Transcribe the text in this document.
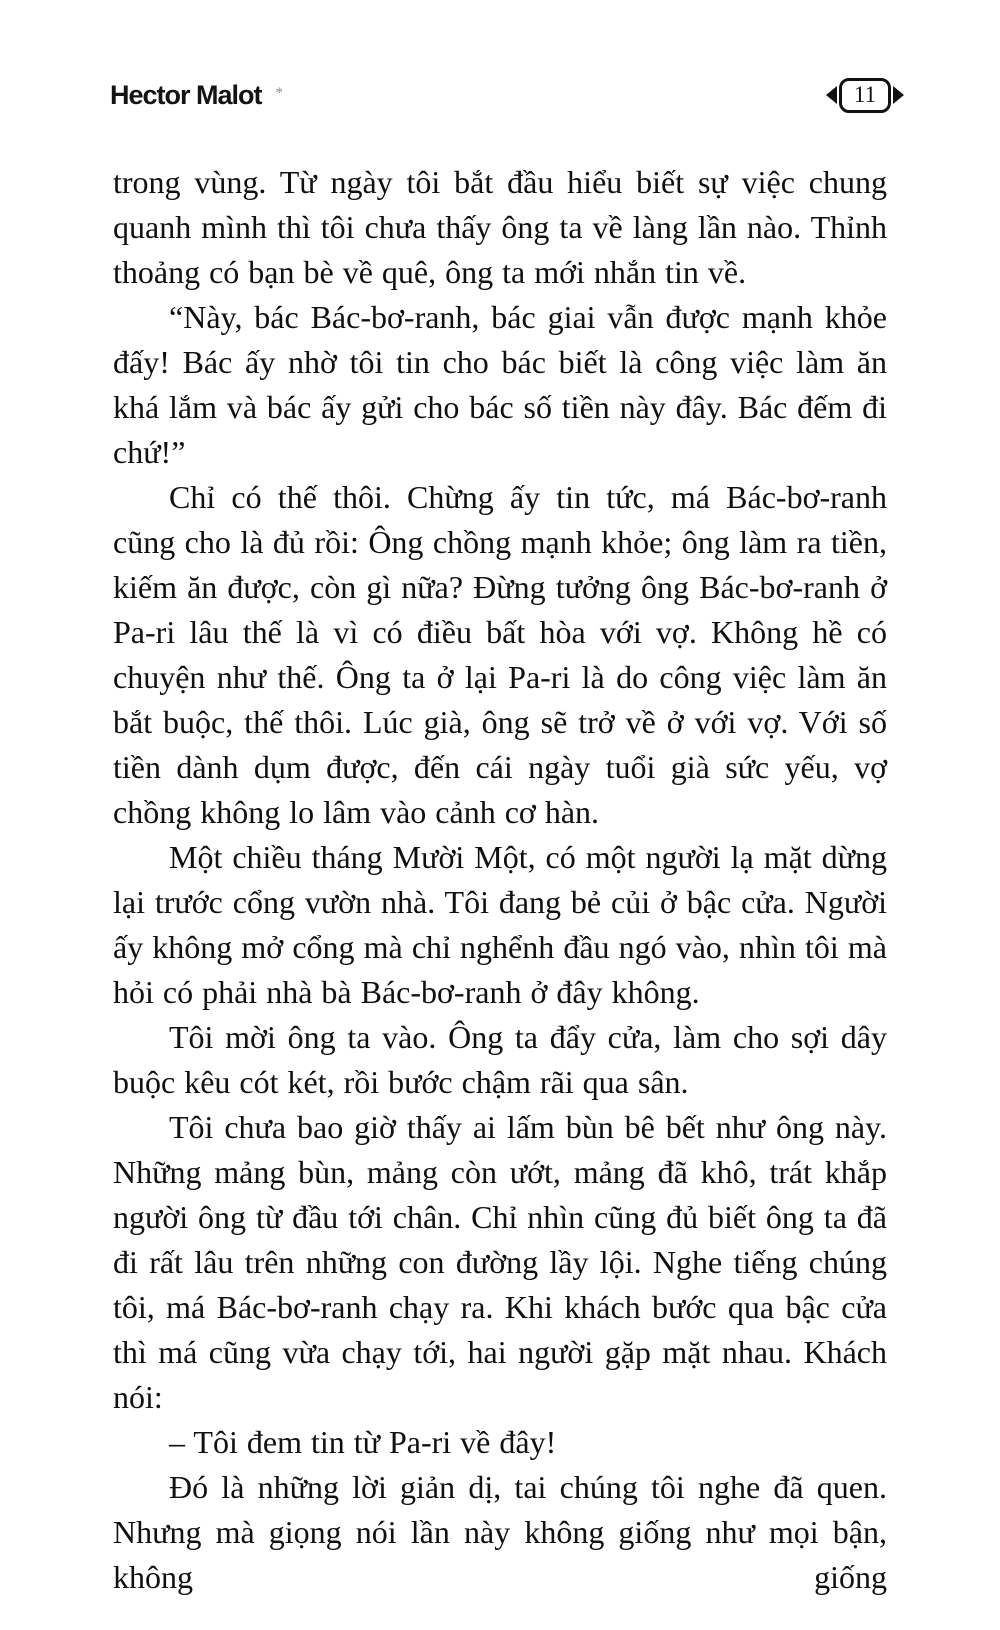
Hector Malot *	11

trong vùng. Từ ngày tôi bắt đầu hiểu biết sự việc chung quanh mình thì tôi chưa thấy ông ta về làng lần nào. Thỉnh thoảng có bạn bè về quê, ông ta mới nhắn tin về.

“Này, bác Bác-bơ-ranh, bác giai vẫn được mạnh khỏe đấy! Bác ấy nhờ tôi tin cho bác biết là công việc làm ăn khá lắm và bác ấy gửi cho bác số tiền này đây. Bác đếm đi chứ!”

Chỉ có thế thôi. Chừng ấy tin tức, má Bác-bơ-ranh cũng cho là đủ rồi: Ông chồng mạnh khỏe; ông làm ra tiền, kiếm ăn được, còn gì nữa? Đừng tưởng ông Bác-bơ-ranh ở Pa-ri lâu thế là vì có điều bất hòa với vợ. Không hề có chuyện như thế. Ông ta ở lại Pa-ri là do công việc làm ăn bắt buộc, thế thôi. Lúc già, ông sẽ trở về ở với vợ. Với số tiền dành dụm được, đến cái ngày tuổi già sức yếu, vợ chồng không lo lâm vào cảnh cơ hàn.

Một chiều tháng Mười Một, có một người lạ mặt dừng lại trước cổng vườn nhà. Tôi đang bẻ củi ở bậc cửa. Người ấy không mở cổng mà chỉ nghểnh đầu ngó vào, nhìn tôi mà hỏi có phải nhà bà Bác-bơ-ranh ở đây không.

Tôi mời ông ta vào. Ông ta đẩy cửa, làm cho sợi dây buộc kêu cót két, rồi bước chậm rãi qua sân.

Tôi chưa bao giờ thấy ai lấm bùn bê bết như ông này. Những mảng bùn, mảng còn ướt, mảng đã khô, trát khắp người ông từ đầu tới chân. Chỉ nhìn cũng đủ biết ông ta đã đi rất lâu trên những con đường lầy lội. Nghe tiếng chúng tôi, má Bác-bơ-ranh chạy ra. Khi khách bước qua bậc cửa thì má cũng vừa chạy tới, hai người gặp mặt nhau. Khách nói:

– Tôi đem tin từ Pa-ri về đây!

Đó là những lời giản dị, tai chúng tôi nghe đã quen. Nhưng mà giọng nói lần này không giống như mọi bận, không giống
